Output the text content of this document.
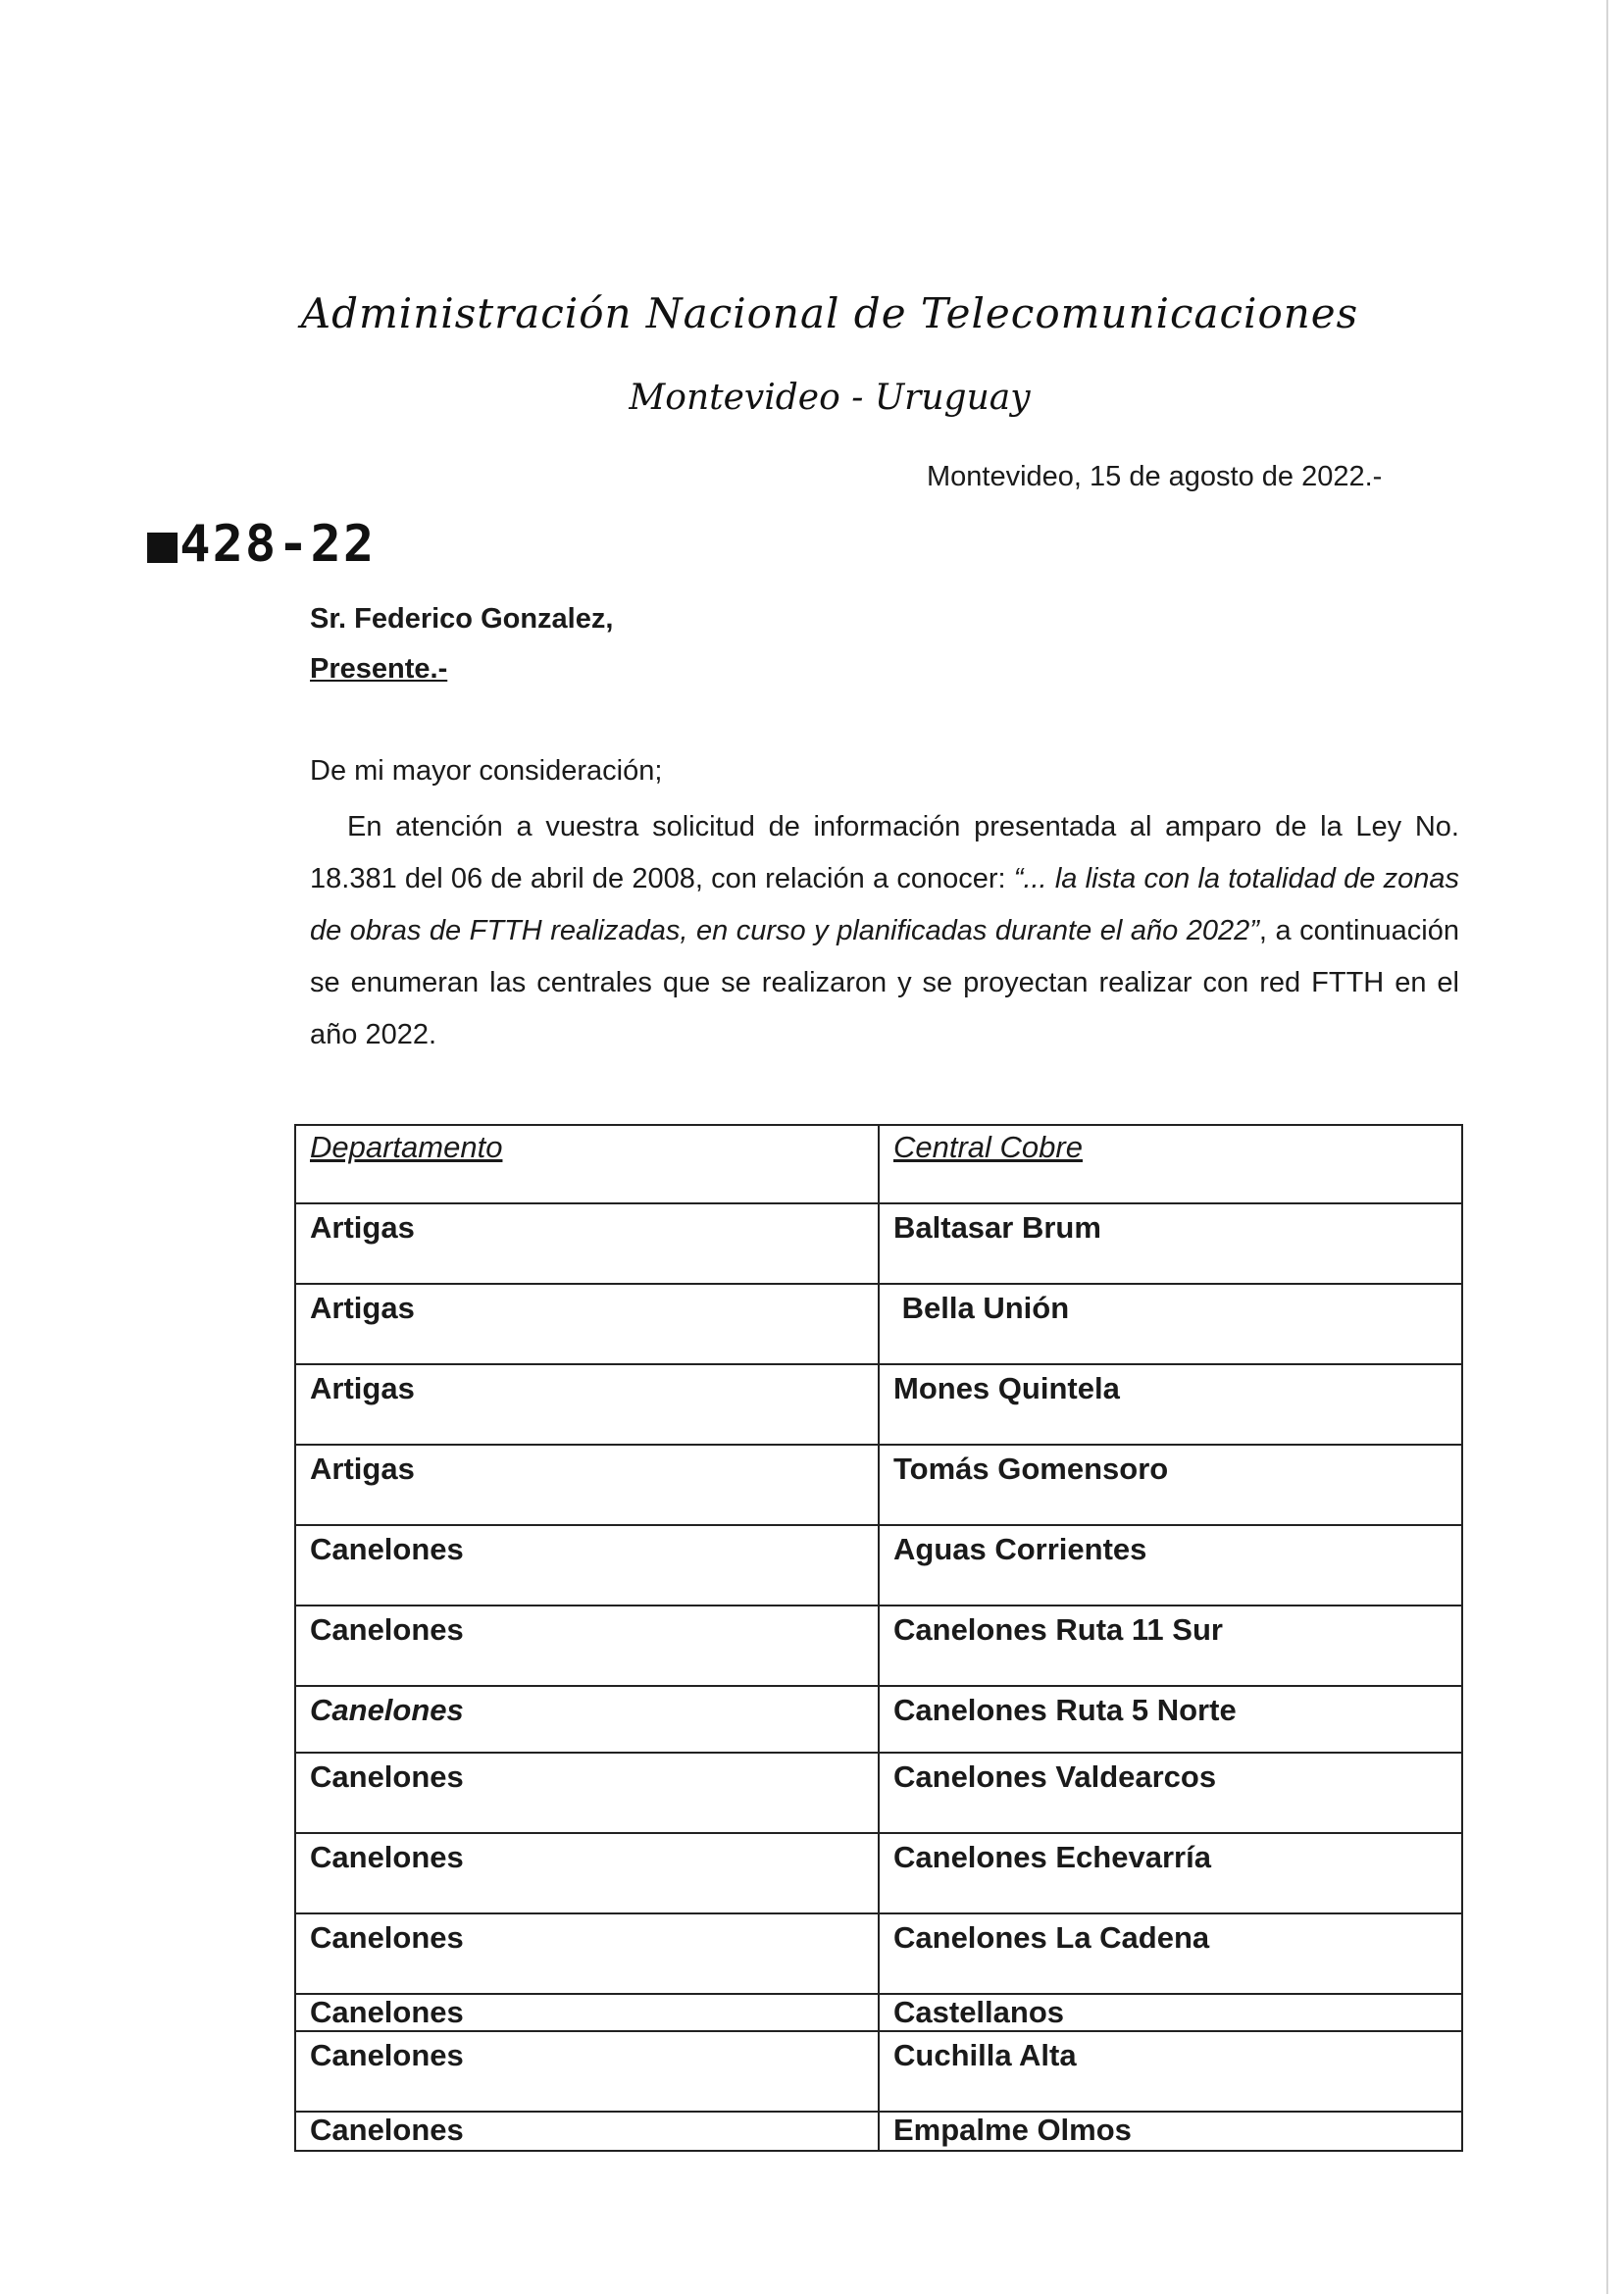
Administración Nacional de Telecomunicaciones
Montevideo - Uruguay
Montevideo, 15 de agosto de 2022.-
■428-22
Sr. Federico Gonzalez,
Presente.-
De mi mayor consideración;
En atención a vuestra solicitud de información presentada al amparo de la Ley No. 18.381 del 06 de abril de 2008, con relación a conocer: “... la lista con la totalidad de zonas de obras de FTTH realizadas, en curso y planificadas durante el año 2022”, a continuación se enumeran las centrales que se realizaron y se proyectan realizar con red FTTH en el año 2022.
Departamento	Central Cobre
Artigas	Baltasar Brum
Artigas	Bella Unión
Artigas	Mones Quintela
Artigas	Tomás Gomensoro
Canelones	Aguas Corrientes
Canelones	Canelones Ruta 11 Sur
Canelones	Canelones Ruta 5 Norte
Canelones	Canelones Valdearcos
Canelones	Canelones Echevarría
Canelones	Canelones La Cadena
Canelones	Castellanos
Canelones	Cuchilla Alta
Canelones	Empalme Olmos
